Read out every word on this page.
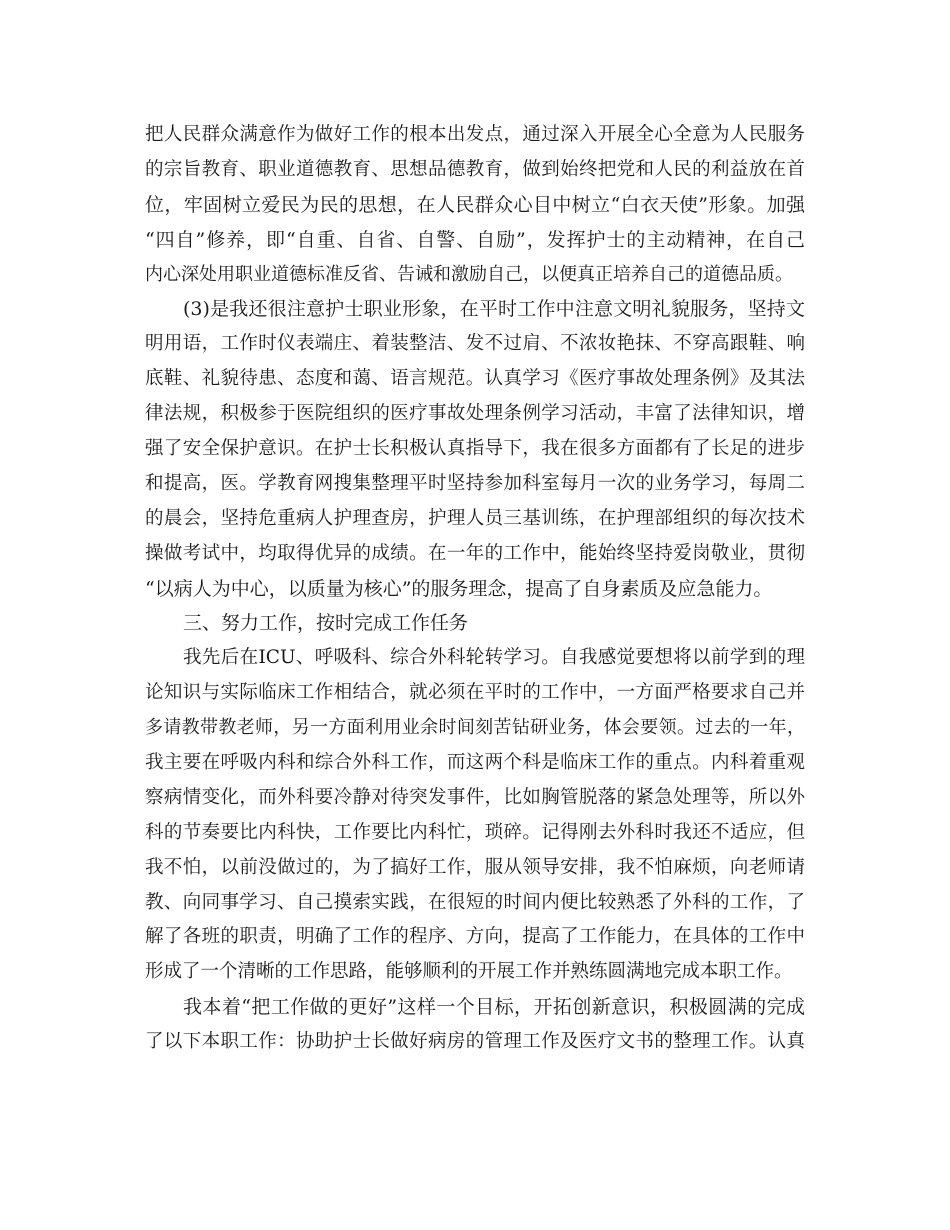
把人民群众满意作为做好工作的根本出发点，通过深入开展全心全意为人民服务
的宗旨教育、职业道德教育、思想品德教育，做到始终把党和人民的利益放在首
位，牢固树立爱民为民的思想，在人民群众心目中树立“白衣天使”形象。加强
“四自”修养，即“自重、自省、自警、自励”，发挥护士的主动精神，在自己
内心深处用职业道德标准反省、告诫和激励自己，以便真正培养自己的道德品质。
(3)是我还很注意护士职业形象，在平时工作中注意文明礼貌服务，坚持文
明用语，工作时仪表端庄、着装整洁、发不过肩、不浓妆艳抹、不穿高跟鞋、响
底鞋、礼貌待患、态度和蔼、语言规范。认真学习《医疗事故处理条例》及其法
律法规，积极参于医院组织的医疗事故处理条例学习活动，丰富了法律知识，增
强了安全保护意识。在护士长积极认真指导下，我在很多方面都有了长足的进步
和提高，医。学教育网搜集整理平时坚持参加科室每月一次的业务学习，每周二
的晨会，坚持危重病人护理查房，护理人员三基训练，在护理部组织的每次技术
操做考试中，均取得优异的成绩。在一年的工作中，能始终坚持爱岗敬业，贯彻
“以病人为中心，以质量为核心”的服务理念，提高了自身素质及应急能力。
三、努力工作，按时完成工作任务
我先后在ICU、呼吸科、综合外科轮转学习。自我感觉要想将以前学到的理
论知识与实际临床工作相结合，就必须在平时的工作中，一方面严格要求自己并
多请教带教老师，另一方面利用业余时间刻苦钻研业务，体会要领。过去的一年，
我主要在呼吸内科和综合外科工作，而这两个科是临床工作的重点。内科着重观
察病情变化，而外科要冷静对待突发事件，比如胸管脱落的紧急处理等，所以外
科的节奏要比内科快，工作要比内科忙，琐碎。记得刚去外科时我还不适应，但
我不怕，以前没做过的，为了搞好工作，服从领导安排，我不怕麻烦，向老师请
教、向同事学习、自己摸索实践，在很短的时间内便比较熟悉了外科的工作，了
解了各班的职责，明确了工作的程序、方向，提高了工作能力，在具体的工作中
形成了一个清晰的工作思路，能够顺利的开展工作并熟练圆满地完成本职工作。
我本着“把工作做的更好”这样一个目标，开拓创新意识，积极圆满的完成
了以下本职工作：协助护士长做好病房的管理工作及医疗文书的整理工作。认真
